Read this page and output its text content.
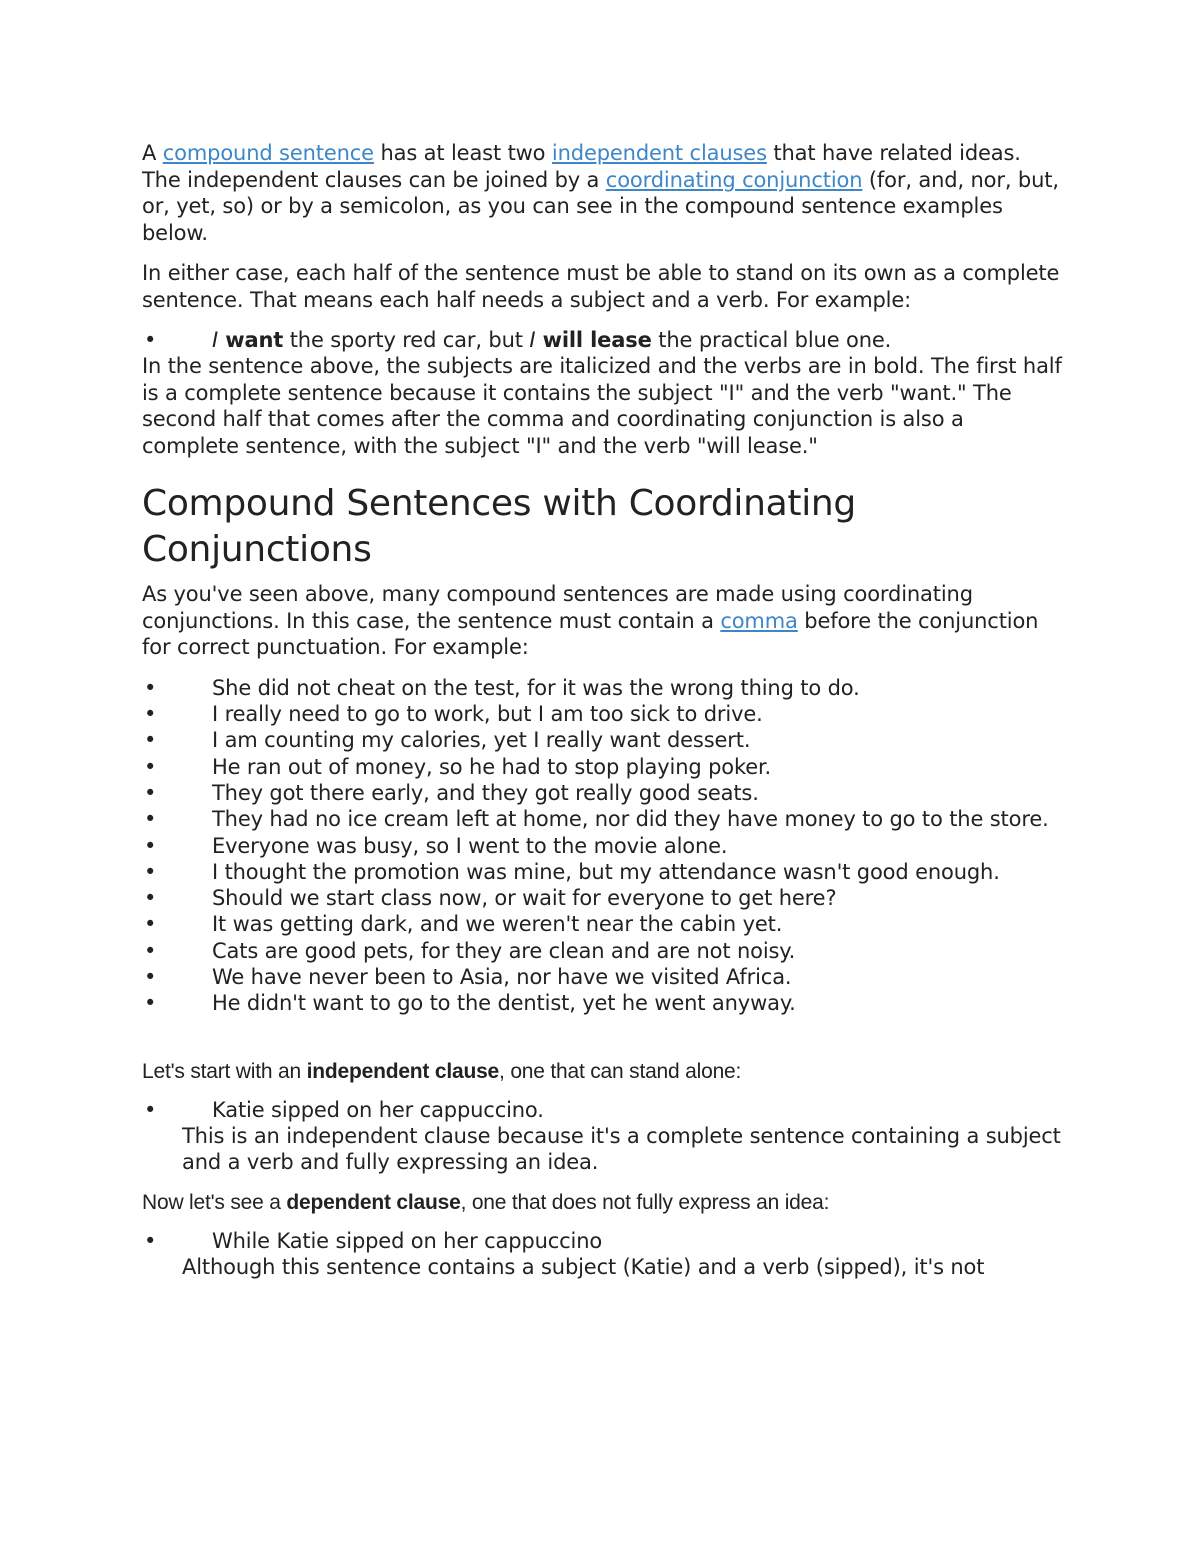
A compound sentence has at least two independent clauses that have related ideas. The independent clauses can be joined by a coordinating conjunction (for, and, nor, but, or, yet, so) or by a semicolon, as you can see in the compound sentence examples below.

In either case, each half of the sentence must be able to stand on its own as a complete sentence. That means each half needs a subject and a verb. For example:

•	I want the sporty red car, but I will lease the practical blue one.

In the sentence above, the subjects are italicized and the verbs are in bold. The first half is a complete sentence because it contains the subject "I" and the verb "want." The second half that comes after the comma and coordinating conjunction is also a complete sentence, with the subject "I" and the verb "will lease."

Compound Sentences with Coordinating Conjunctions

As you've seen above, many compound sentences are made using coordinating conjunctions. In this case, the sentence must contain a comma before the conjunction for correct punctuation. For example:

•	She did not cheat on the test, for it was the wrong thing to do.
•	I really need to go to work, but I am too sick to drive.
•	I am counting my calories, yet I really want dessert.
•	He ran out of money, so he had to stop playing poker.
•	They got there early, and they got really good seats.
•	They had no ice cream left at home, nor did they have money to go to the store.
•	Everyone was busy, so I went to the movie alone.
•	I thought the promotion was mine, but my attendance wasn't good enough.
•	Should we start class now, or wait for everyone to get here?
•	It was getting dark, and we weren't near the cabin yet.
•	Cats are good pets, for they are clean and are not noisy.
•	We have never been to Asia, nor have we visited Africa.
•	He didn't want to go to the dentist, yet he went anyway.

Let's start with an independent clause, one that can stand alone:

•	Katie sipped on her cappuccino.

This is an independent clause because it's a complete sentence containing a subject and a verb and fully expressing an idea.

Now let's see a dependent clause, one that does not fully express an idea:

•	While Katie sipped on her cappuccino

Although this sentence contains a subject (Katie) and a verb (sipped), it's not
